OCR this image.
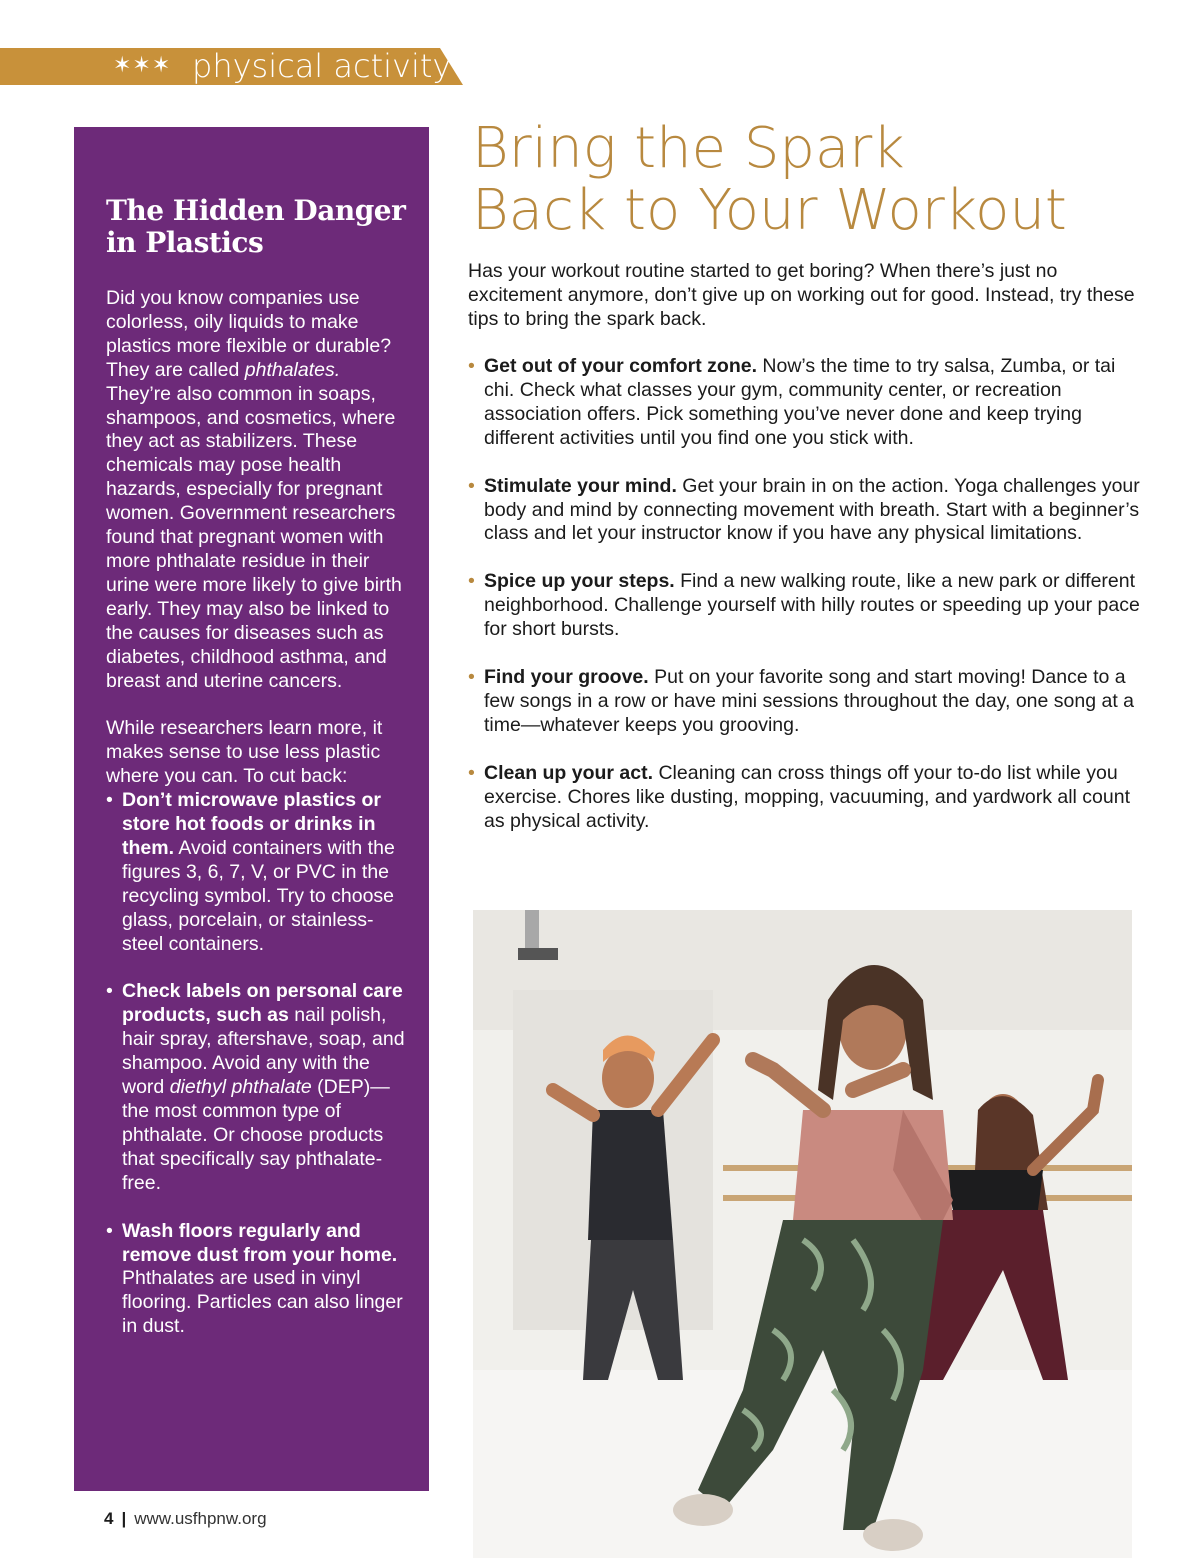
✶✶✶ physical activity
The Hidden Danger in Plastics

Did you know companies use colorless, oily liquids to make plastics more flexible or durable? They are called phthalates. They’re also common in soaps, shampoos, and cosmetics, where they act as stabilizers. These chemicals may pose health hazards, especially for pregnant women. Government researchers found that pregnant women with more phthalate residue in their urine were more likely to give birth early. They may also be linked to the causes for diseases such as diabetes, childhood asthma, and breast and uterine cancers.

While researchers learn more, it makes sense to use less plastic where you can. To cut back:

• Don’t microwave plastics or store hot foods or drinks in them. Avoid containers with the figures 3, 6, 7, V, or PVC in the recycling symbol. Try to choose glass, porcelain, or stainless-steel containers.
• Check labels on personal care products, such as nail polish, hair spray, aftershave, soap, and shampoo. Avoid any with the word diethyl phthalate (DEP)—the most common type of phthalate. Or choose products that specifically say phthalate-free.
• Wash floors regularly and remove dust from your home. Phthalates are used in vinyl flooring. Particles can also linger in dust.
Bring the Spark
Back to Your Workout

Has your workout routine started to get boring? When there’s just no excitement anymore, don’t give up on working out for good. Instead, try these tips to bring the spark back.

• Get out of your comfort zone. Now’s the time to try salsa, Zumba, or tai chi. Check what classes your gym, community center, or recreation association offers. Pick something you’ve never done and keep trying different activities until you find one you stick with.
• Stimulate your mind. Get your brain in on the action. Yoga challenges your body and mind by connecting movement with breath. Start with a beginner’s class and let your instructor know if you have any physical limitations.
• Spice up your steps. Find a new walking route, like a new park or different neighborhood. Challenge yourself with hilly routes or speeding up your pace for short bursts.
• Find your groove. Put on your favorite song and start moving! Dance to a few songs in a row or have mini sessions throughout the day, one song at a time—whatever keeps you grooving.
• Clean up your act. Cleaning can cross things off your to-do list while you exercise. Chores like dusting, mopping, vacuuming, and yardwork all count as physical activity.
4 | www.usfhpnw.org
